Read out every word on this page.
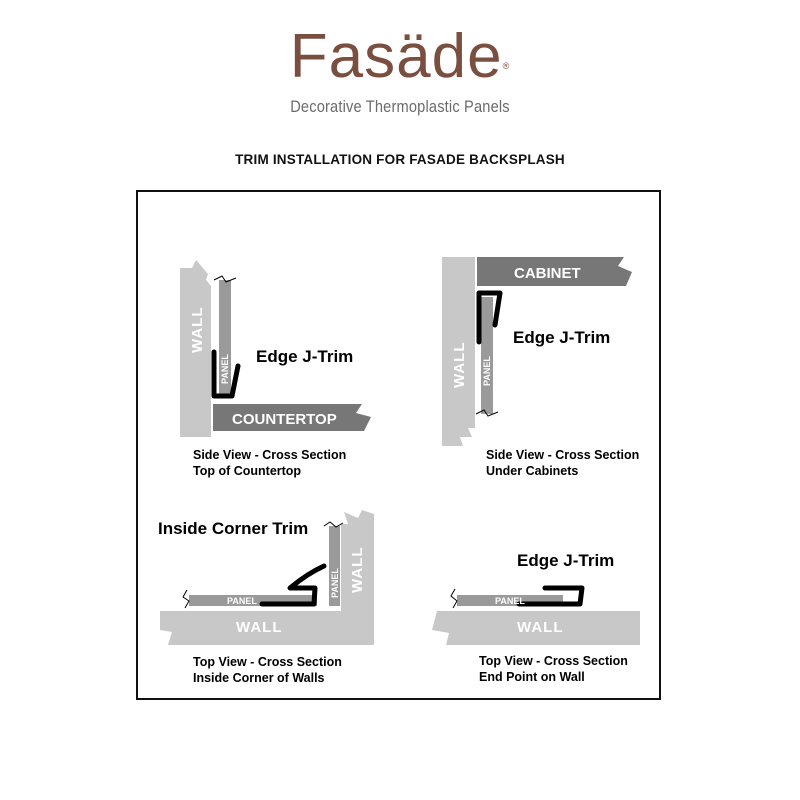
Fasäde®
Decorative Thermoplastic Panels
TRIM INSTALLATION FOR FASADE BACKSPLASH
WALL
PANEL
COUNTERTOP
Edge J-Trim
Side View - Cross Section
Top of Countertop
WALL PANEL
CABINET
Edge J-Trim
Side View - Cross Section
Under Cabinets
WALL
WALL
PANEL
PANEL
Inside Corner Trim
Top View - Cross Section
Inside Corner of Walls
WALL
PANEL
Edge J-Trim
Top View - Cross Section
End Point on Wall
